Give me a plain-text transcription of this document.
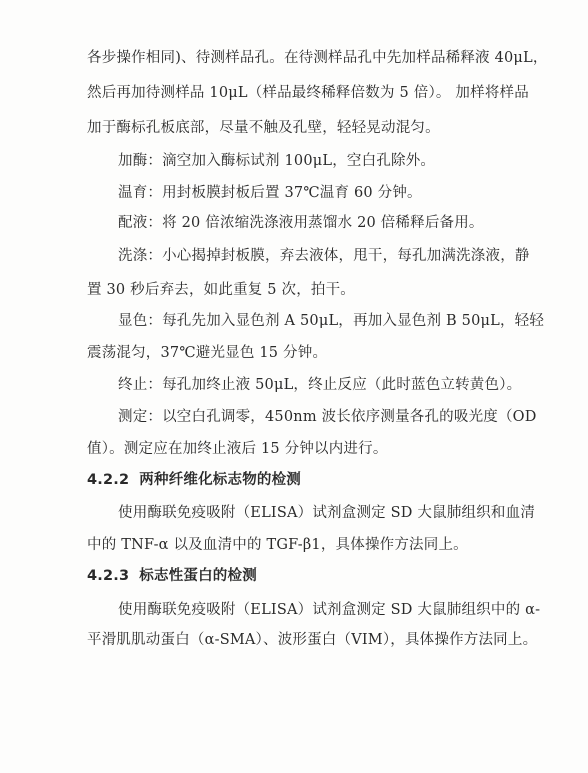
各步操作相同)、待测样品孔。在待测样品孔中先加样品稀释液 40μL，
然后再加待测样品 10μL（样品最终稀释倍数为 5 倍）。 加样将样品
加于酶标孔板底部，尽量不触及孔壁，轻轻晃动混匀。
加酶：滴空加入酶标试剂 100μL，空白孔除外。
温育：用封板膜封板后置 37℃温育 60 分钟。
配液：将 20 倍浓缩洗涤液用蒸馏水 20 倍稀释后备用。
洗涤：小心揭掉封板膜，弃去液体，甩干，每孔加满洗涤液，静
置 30 秒后弃去，如此重复 5 次，拍干。
显色：每孔先加入显色剂 A 50μL，再加入显色剂 B 50μL，轻轻
震荡混匀，37℃避光显色 15 分钟。
终止：每孔加终止液 50μL，终止反应（此时蓝色立转黄色）。
测定：以空白孔调零，450nm 波长依序测量各孔的吸光度（OD
值）。测定应在加终止液后 15 分钟以内进行。
4.2.2 两种纤维化标志物的检测
使用酶联免疫吸附（ELISA）试剂盒测定 SD 大鼠肺组织和血清
中的 TNF-α 以及血清中的 TGF-β1，具体操作方法同上。
4.2.3 标志性蛋白的检测
使用酶联免疫吸附（ELISA）试剂盒测定 SD 大鼠肺组织中的 α-
平滑肌肌动蛋白（α-SMA）、波形蛋白（VIM），具体操作方法同上。
